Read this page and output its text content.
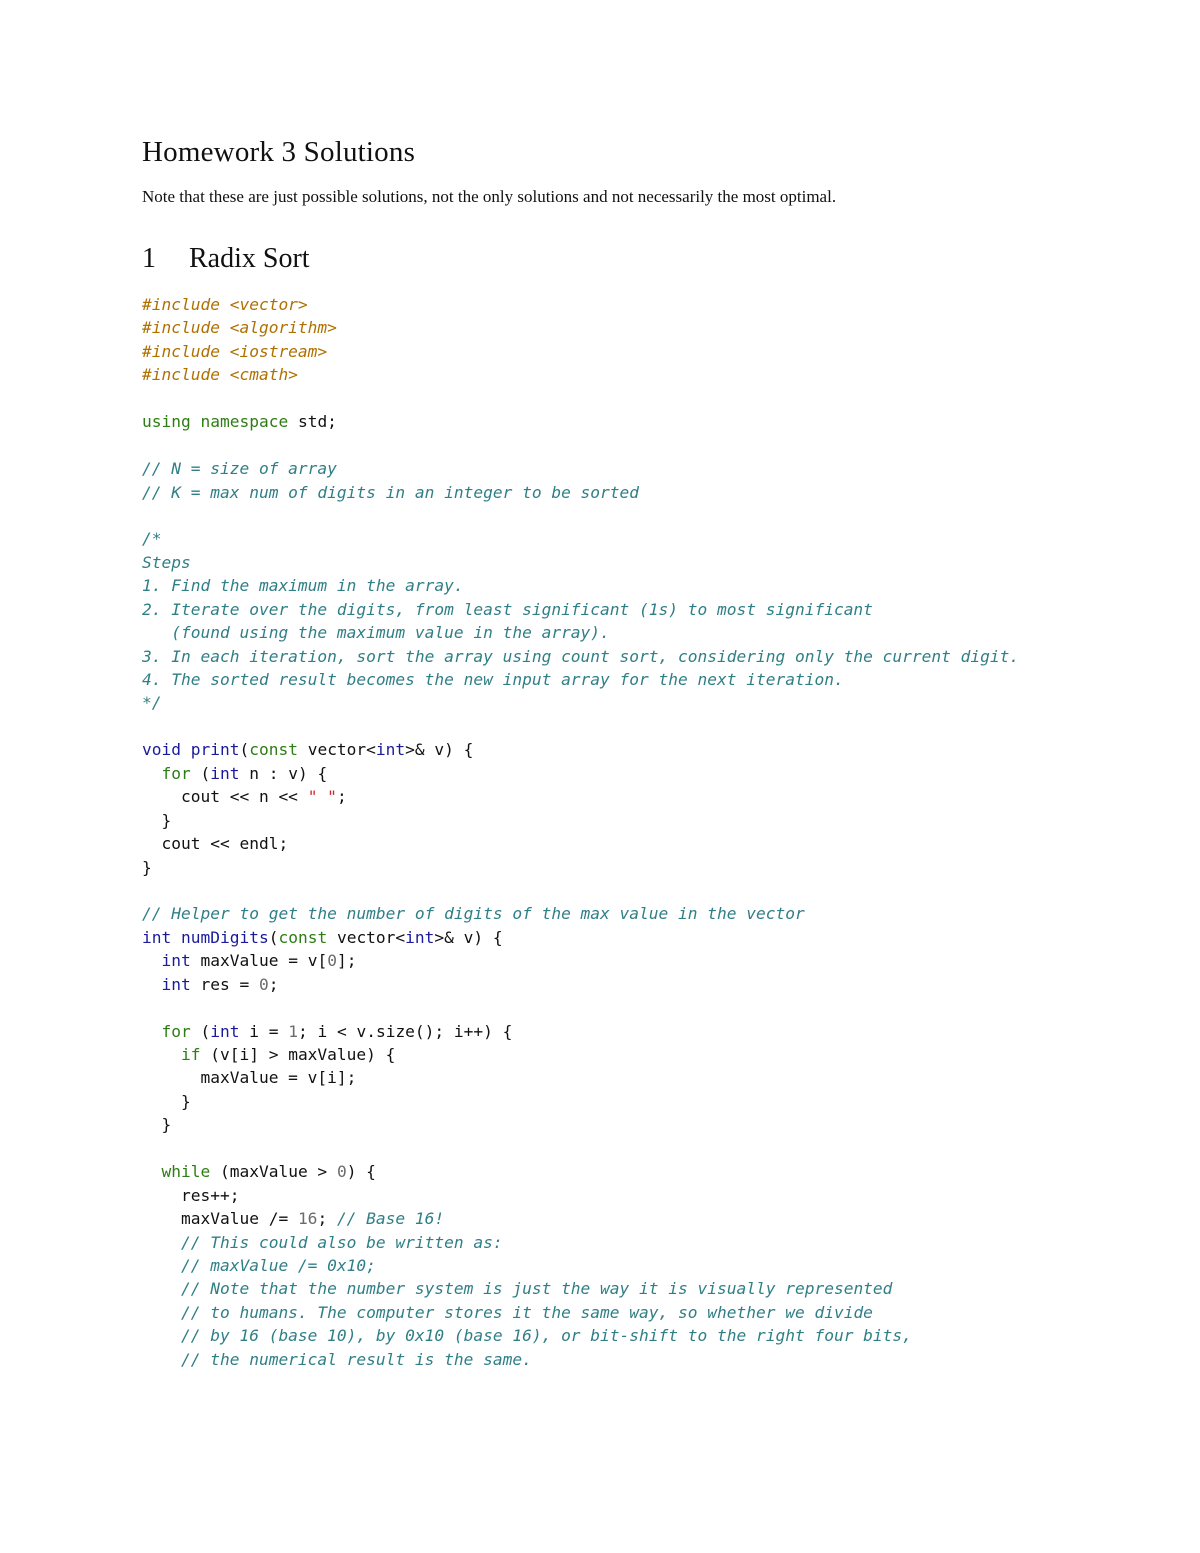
Homework 3 Solutions

Note that these are just possible solutions, not the only solutions and not necessarily the most optimal.

1 Radix Sort
#include <vector>
#include <algorithm>
#include <iostream>
#include <cmath>

using namespace std;

// N = size of array
// K = max num of digits in an integer to be sorted

/*
Steps
1. Find the maximum in the array.
2. Iterate over the digits, from least significant (1s) to most significant
(found using the maximum value in the array).
3. In each iteration, sort the array using count sort, considering only the current digit.
4. The sorted result becomes the new input array for the next iteration.
*/

void print(const vector<int>& v) {
for (int n : v) {
cout << n << " ";
}
cout << endl;
}

// Helper to get the number of digits of the max value in the vector
int numDigits(const vector<int>& v) {
int maxValue = v[0];
int res = 0;

for (int i = 1; i < v.size(); i++) {
if (v[i] > maxValue) {
maxValue = v[i];
}
}

while (maxValue > 0) {
res++;
maxValue /= 16; // Base 16!
// This could also be written as:
// maxValue /= 0x10;
// Note that the number system is just the way it is visually represented
// to humans. The computer stores it the same way, so whether we divide
// by 16 (base 10), by 0x10 (base 16), or bit-shift to the right four bits,
// the numerical result is the same.
